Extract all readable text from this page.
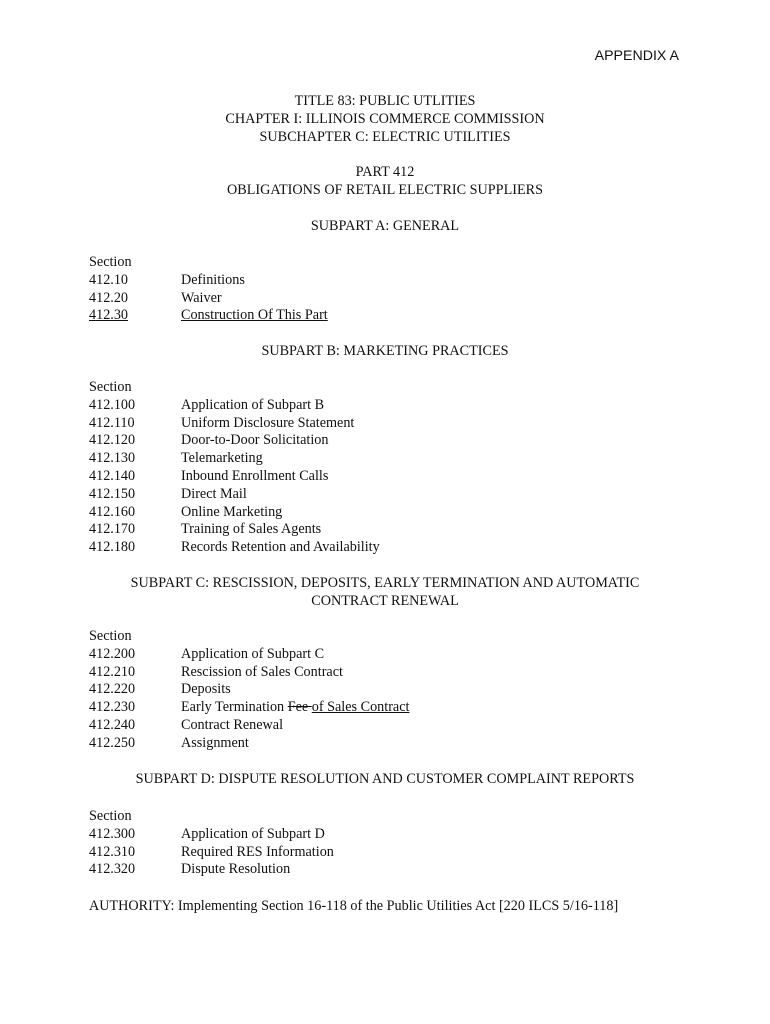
APPENDIX A
TITLE 83: PUBLIC UTLITIES
CHAPTER I: ILLINOIS COMMERCE COMMISSION
SUBCHAPTER C: ELECTRIC UTILITIES
PART 412
OBLIGATIONS OF RETAIL ELECTRIC SUPPLIERS
SUBPART A: GENERAL
Section
412.10	Definitions
412.20	Waiver
412.30	Construction Of This Part
SUBPART B: MARKETING PRACTICES
Section
412.100	Application of Subpart B
412.110	Uniform Disclosure Statement
412.120	Door-to-Door Solicitation
412.130	Telemarketing
412.140	Inbound Enrollment Calls
412.150	Direct Mail
412.160	Online Marketing
412.170	Training of Sales Agents
412.180	Records Retention and Availability
SUBPART C: RESCISSION, DEPOSITS, EARLY TERMINATION AND AUTOMATIC
CONTRACT RENEWAL
Section
412.200	Application of Subpart C
412.210	Rescission of Sales Contract
412.220	Deposits
412.230	Early Termination Fee of Sales Contract
412.240	Contract Renewal
412.250	Assignment
SUBPART D: DISPUTE RESOLUTION AND CUSTOMER COMPLAINT REPORTS
Section
412.300	Application of Subpart D
412.310	Required RES Information
412.320	Dispute Resolution

AUTHORITY: Implementing Section 16-118 of the Public Utilities Act [220 ILCS 5/16-118]
